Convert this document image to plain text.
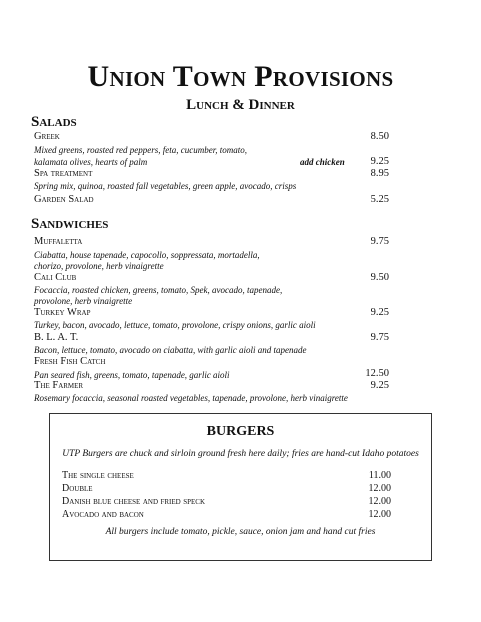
Union Town Provisions
Lunch & Dinner
Salads
Greek	8.50
Mixed greens, roasted red peppers, feta, cucumber, tomato,
kalamata olives, hearts of palm	add chicken	9.25
Spa treatment	8.95
Spring mix, quinoa, roasted fall vegetables, green apple, avocado, crisps
Garden Salad	5.25
Sandwiches
Muffaletta	9.75
Ciabatta, house tapenade, capocollo, soppressata, mortadella,
chorizo, provolone, herb vinaigrette
Cali Club	9.50
Focaccia, roasted chicken, greens, tomato, Spek, avocado, tapenade,
provolone, herb vinaigrette
Turkey Wrap	9.25
Turkey, bacon, avocado, lettuce, tomato, provolone, crispy onions, garlic aioli
B. L. A. T.	9.75
Bacon, lettuce, tomato, avocado on ciabatta, with garlic aioli and tapenade
Fresh Fish Catch
Pan seared fish, greens, tomato, tapenade, garlic aioli	12.50
The Farmer	9.25
Rosemary focaccia, seasonal roasted vegetables, tapenade, provolone, herb vinaigrette
BURGERS
UTP Burgers are chuck and sirloin ground fresh here daily; fries are hand-cut Idaho potatoes
The single cheese	11.00
Double	12.00
Danish blue cheese and fried speck	12.00
Avocado and bacon	12.00
All burgers include tomato, pickle, sauce, onion jam and hand cut fries
